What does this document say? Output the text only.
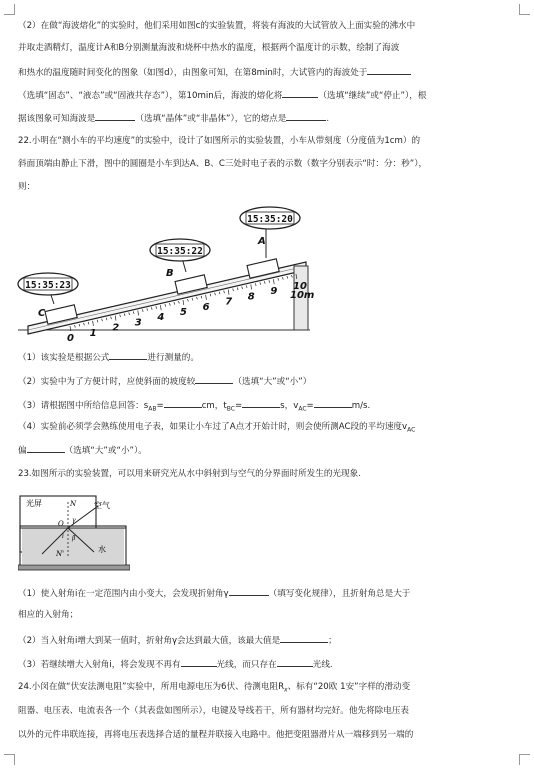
（2）在做“海波熔化”的实验时，他们采用如图c的实验装置，将装有海波的大试管放入上面实验的沸水中
并取走酒精灯，温度计A和B分别测量海波和烧杯中热水的温度，根据两个温度计的示数，绘制了海波
和热水的温度随时间变化的图象（如图d），由图象可知，在第8min时，大试管内的海波处于
（选填“固态”、“液态”或“固液共存态”），第10min后，海波的熔化将	（选填“继续”或“停止”），根
据该图象可知海波是	（选填“晶体”或“非晶体”），它的熔点是	.
22.小明在“测小车的平均速度”的实验中，设计了如图所示的实验装置，小车从带刻度（分度值为1cm）的
斜面顶端由静止下滑，图中的圆圈是小车到达A、B、C三处时电子表的示数（数字分别表示“时：分：秒”），
则：
15:35:23
15:35:22
15:35:20
C
B
A
0 1 2 3 4 5 6 7 8 9 10
10m
（1）该实验是根据公式	进行测量的。
（2）实验中为了方便计时，应使斜面的坡度较	（选填“大”或“小”）
（3）请根据图中所给信息回答：$s_{AB}=$	cm，$t_{BC}=$	s，$v_{AC}=$	m/s.
（4）实验前必须学会熟练使用电子表，如果让小车过了A点才开始计时，则会使所测AC段的平均速度$v_{AC}$
偏	（选填“大”或“小”）。
23.如图所示的实验装置，可以用来研究光从水中斜射到与空气的分界面时所发生的光现象.
光屏	空气
水
N
N'
O
i β
γ
（1）使入射角i在一定范围内由小变大，会发现折射角γ	（填写变化规律），且折射角总是大于
相应的入射角；
（2）当入射角i增大到某一值时，折射角γ会达到最大值，该最大值是	；
（3）若继续增大入射角i，将会发现不再有	光线，而只存在	光线.
24.小闵在做“伏安法测电阻”实验中，所用电源电压为6伏、待测电阻$R_x$、标有“20欧 1安”字样的滑动变
阻器、电压表、电流表各一个（其表盘如图所示），电键及导线若干，所有器材均完好。他先将除电压表
以外的元件串联连接，再将电压表选择合适的量程并联接入电路中。他把变阻器滑片从一端移到另一端的
